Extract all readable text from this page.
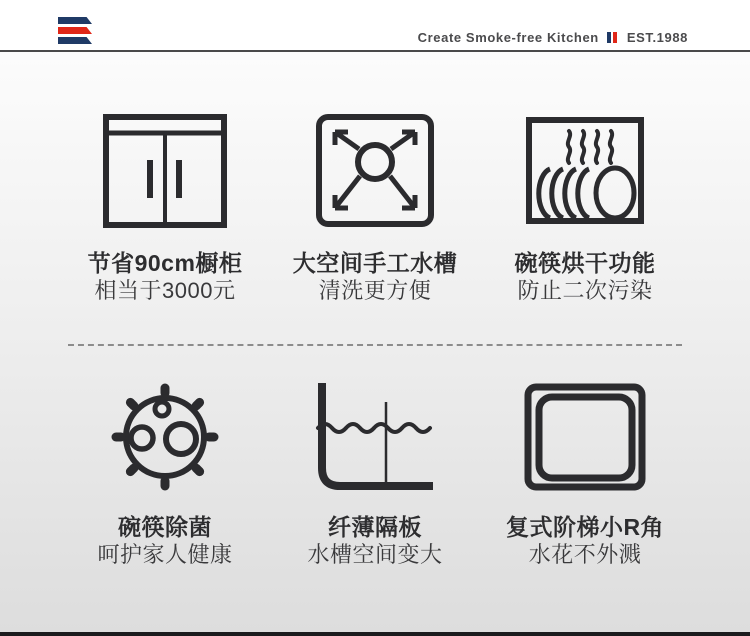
Create Smoke-free Kitchen EST.1988
节省90cm橱柜
相当于3000元
大空间手工水槽
清洗更方便
碗筷烘干功能
防止二次污染
碗筷除菌
呵护家人健康
纤薄隔板
水槽空间变大
复式阶梯小R角
水花不外溅
